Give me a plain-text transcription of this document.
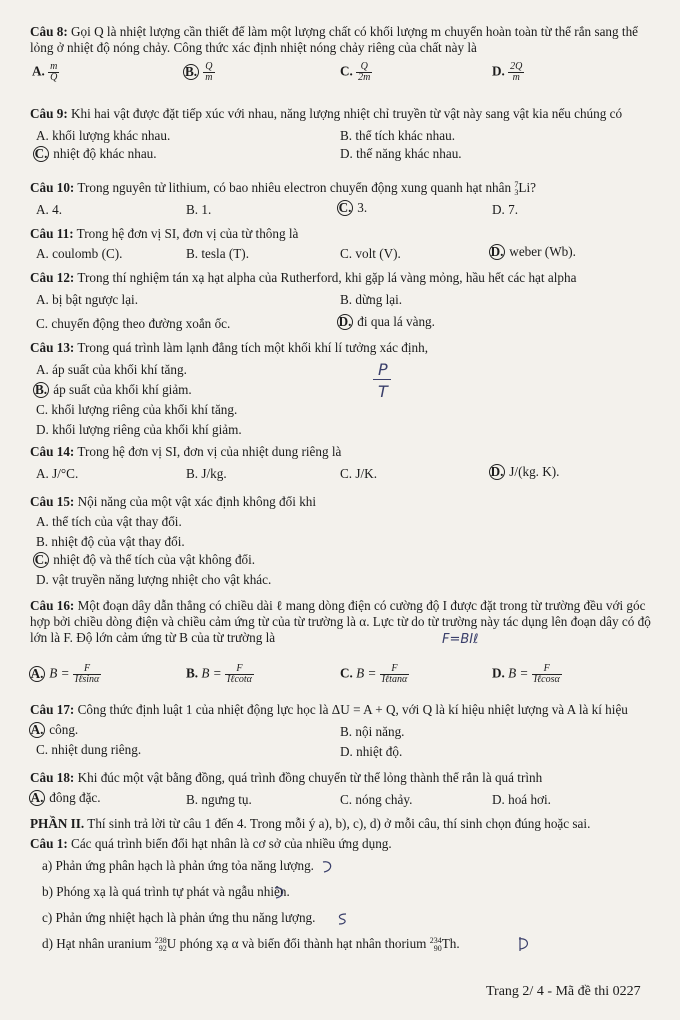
Câu 8: Gọi Q là nhiệt lượng cần thiết để làm một lượng chất có khối lượng m chuyển hoàn toàn từ thể rắn sang thể lỏng ở nhiệt độ nóng chảy. Công thức xác định nhiệt nóng chảy riêng của chất này là
A. $\frac{m}{Q}$	B. $\frac{Q}{m}$	C. $\frac{Q}{2m}$	D. $\frac{2Q}{m}$
Câu 9: Khi hai vật được đặt tiếp xúc với nhau, năng lượng nhiệt chỉ truyền từ vật này sang vật kia nếu chúng có
A. khối lượng khác nhau.	B. thể tích khác nhau.
C. nhiệt độ khác nhau.	D. thế năng khác nhau.
Câu 10: Trong nguyên tử lithium, có bao nhiêu electron chuyển động xung quanh hạt nhân 7
3 Li?
A. 4.	B. 1.	C. 3.	D. 7.
Câu 11: Trong hệ đơn vị SI, đơn vị của từ thông là
A. coulomb (C).	B. tesla (T).	C. volt (V).	D. weber (Wb).
Câu 12: Trong thí nghiệm tán xạ hạt alpha của Rutherford, khi gặp lá vàng mỏng, hầu hết các hạt alpha
A. bị bật ngược lại.	B. dừng lại.
C. chuyển động theo đường xoắn ốc.	D. đi qua lá vàng.
Câu 13: Trong quá trình làm lạnh đẳng tích một khối khí lí tưởng xác định,
A. áp suất của khối khí tăng.
B. áp suất của khối khí giảm.
C. khối lượng riêng của khối khí tăng.
D. khối lượng riêng của khối khí giảm.
P
T
Câu 14: Trong hệ đơn vị SI, đơn vị của nhiệt dung riêng là
A. J/°C.	B. J/kg.	C. J/K.	D. J/(kg. K).
Câu 15: Nội năng của một vật xác định không đổi khi
A. thể tích của vật thay đổi.
B. nhiệt độ của vật thay đổi.
C. nhiệt độ và thể tích của vật không đổi.
D. vật truyền năng lượng nhiệt cho vật khác.
Câu 16: Một đoạn dây dẫn thẳng có chiều dài ℓ mang dòng điện có cường độ I được đặt trong từ trường đều với góc hợp bởi chiều dòng điện và chiều cảm ứng từ của từ trường là α. Lực từ do từ trường này tác dụng lên đoạn dây có độ lớn là F. Độ lớn cảm ứng từ B của từ trường là	F=BIℓ
A. $B = \frac{F}{\text{Iℓsinα}}$	B. $B = \frac{F}{\text{Iℓcotα}}$	C. $B = \frac{F}{\text{Iℓtanα}}$	D. $B = \frac{F}{\text{Iℓcosα}}$
Câu 17: Công thức định luật 1 của nhiệt động lực học là ΔU = A + Q, với Q là kí hiệu nhiệt lượng và A là kí hiệu
A. công.	B. nội năng.
C. nhiệt dung riêng.	D. nhiệt độ.
Câu 18: Khi đúc một vật bằng đồng, quá trình đồng chuyển từ thể lỏng thành thể rắn là quá trình
A. đông đặc.	B. ngưng tụ.	C. nóng chảy.	D. hoá hơi.
PHẦN II. Thí sinh trả lời từ câu 1 đến 4. Trong mỗi ý a), b), c), d) ở mỗi câu, thí sinh chọn đúng hoặc sai.
Câu 1: Các quá trình biến đổi hạt nhân là cơ sở của nhiều ứng dụng.
a) Phản ứng phân hạch là phản ứng tỏa năng lượng.
b) Phóng xạ là quá trình tự phát và ngẫu nhiên.
c) Phản ứng nhiệt hạch là phản ứng thu năng lượng.
d) Hạt nhân uranium 238
92 U phóng xạ α và biến đổi thành hạt nhân thorium 234
90 Th.
Trang 2/ 4 - Mã đề thi 0227
